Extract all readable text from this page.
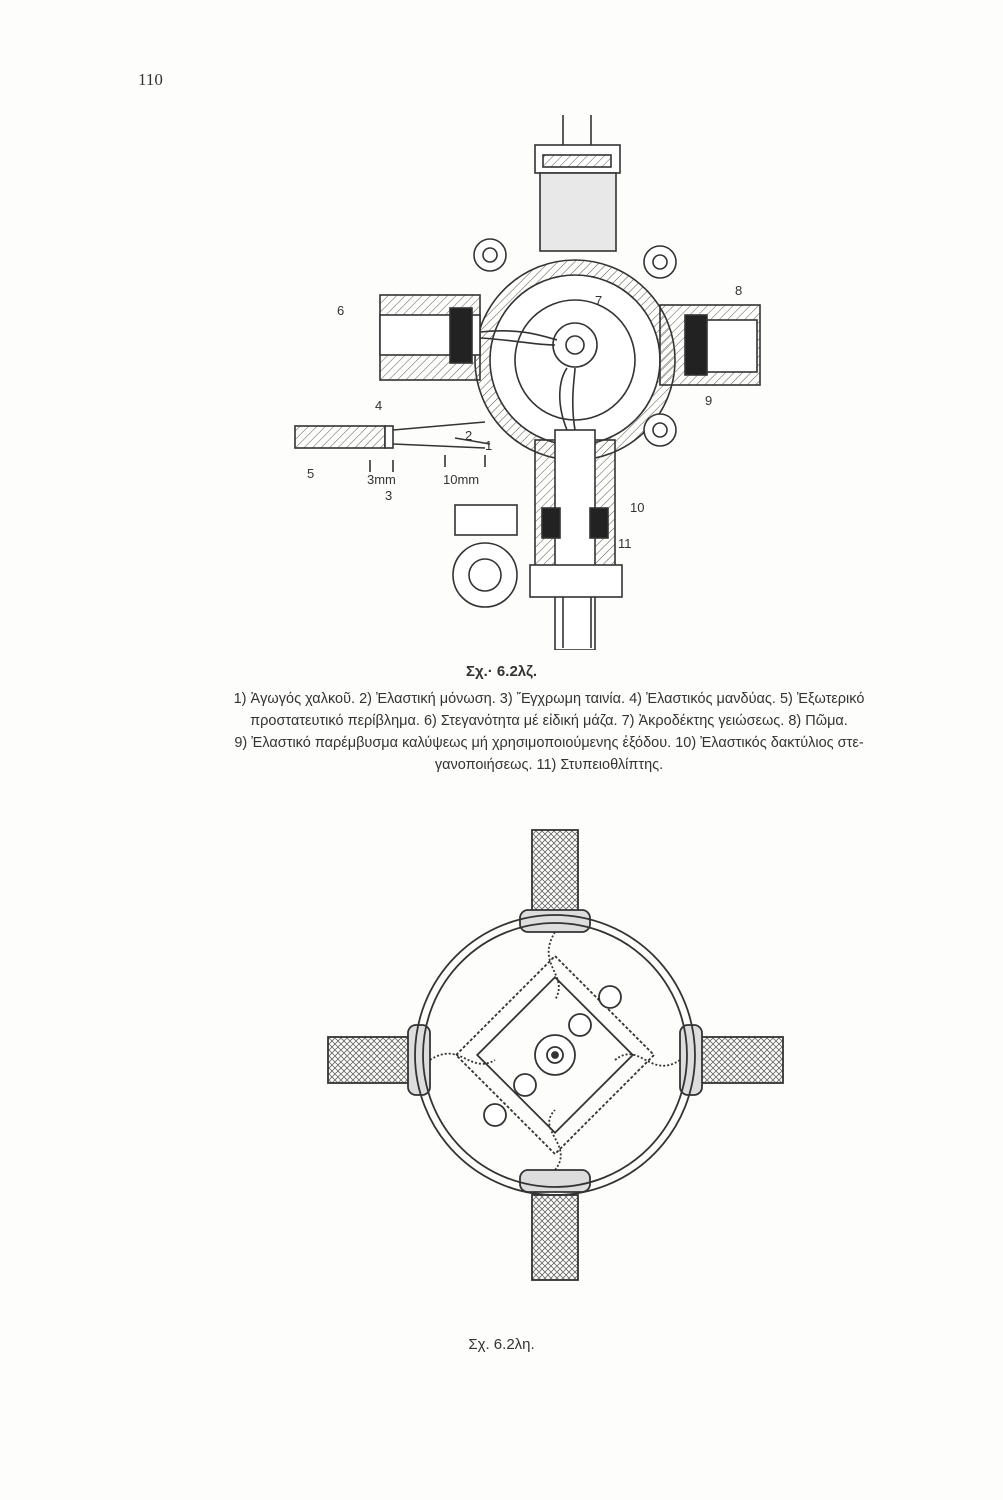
110
6
7
8
9
4
2
1
5
3
3mm	10mm
10
11
Σχ.· 6.2λζ.
1) Ἀγωγός χαλκοῦ. 2) Ἐλαστική μόνωση. 3) Ἔγχρωμη ταινία. 4) Ἐλαστικός μανδύας. 5) Ἐξωτερικό
προστατευτικό περίβλημα. 6) Στεγανότητα μέ εἰδική μάζα. 7) Ἀκροδέκτης γειώσεως. 8) Πῶμα.
9) Ἐλαστικό παρέμβυσμα καλύψεως μή χρησιμοποιούμενης ἐξόδου. 10) Ἐλαστικός δακτύλιος στε-
γανοποιήσεως. 11) Στυπειοθλίπτης.
Σχ. 6.2λη.
